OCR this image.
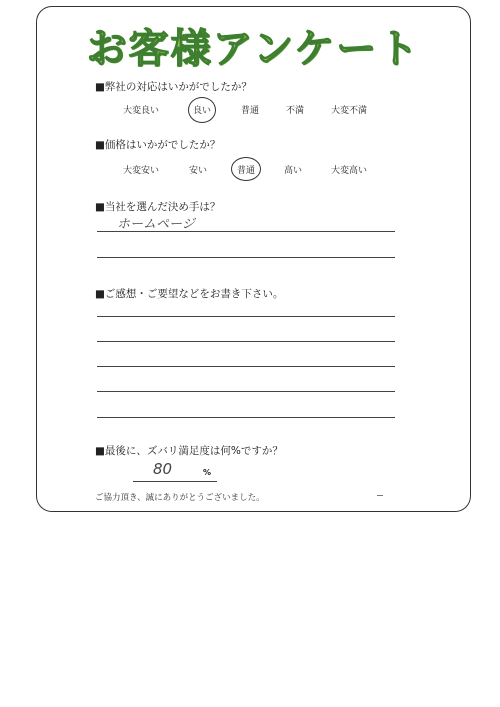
お客様アンケート
■弊社の対応はいかがでしたか？
大変良い	良い	普通	不満	大変不満
■価格はいかがでしたか？
大変安い	安い	普通	高い	大変高い
■当社を選んだ決め手は？
ホームページ
■ご感想・ご要望などをお書き下さい。
■最後に、ズバリ満足度は何%ですか？
80	%
ご協力頂き、誠にありがとうございました。
